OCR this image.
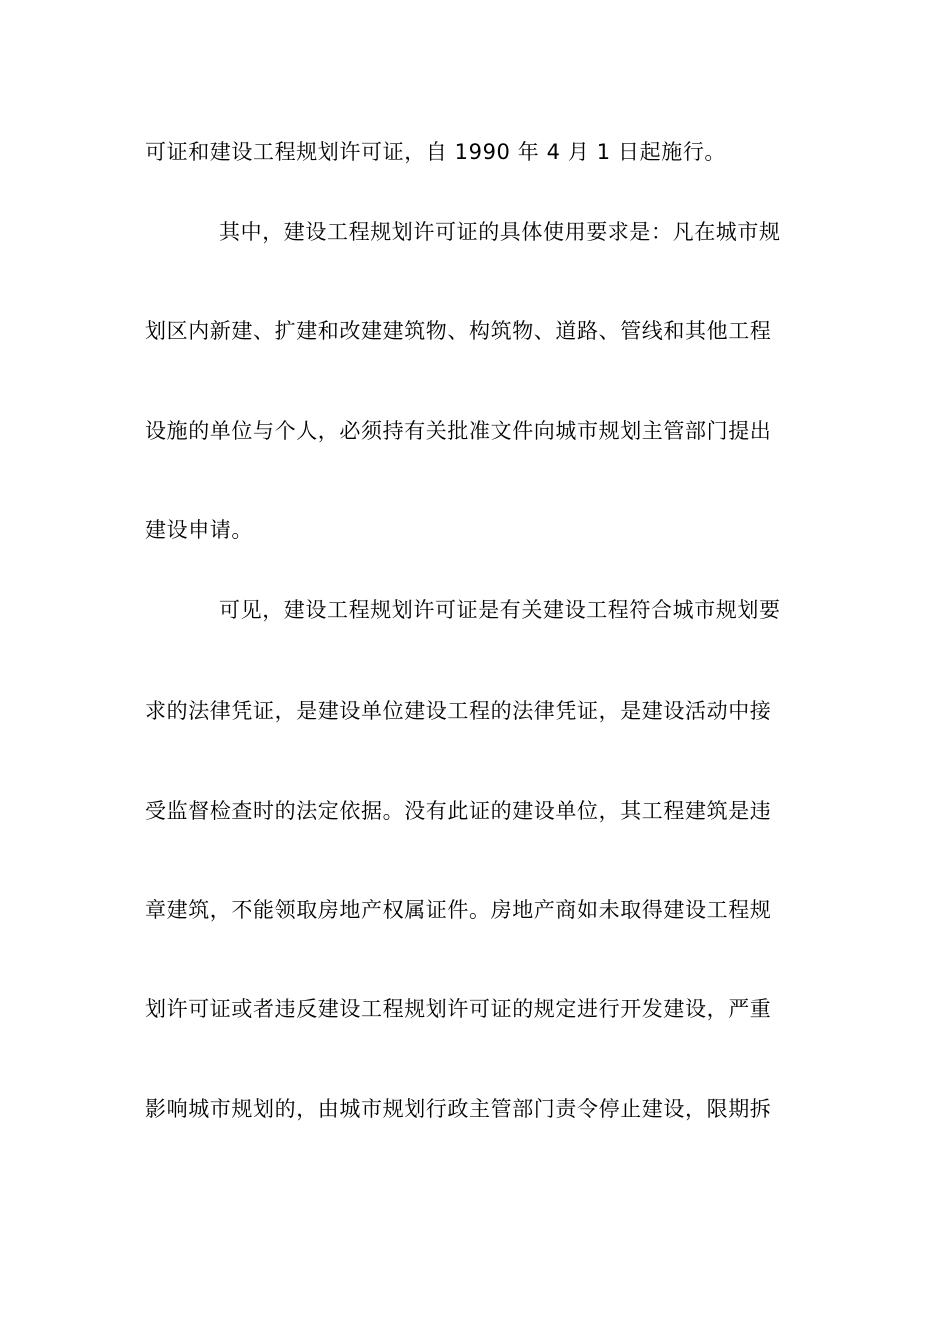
可证和建设工程规划许可证，自 1990 年 4 月 1 日起施行。
其中，建设工程规划许可证的具体使用要求是：凡在城市规
划区内新建、扩建和改建建筑物、构筑物、道路、管线和其他工程
设施的单位与个人，必须持有关批准文件向城市规划主管部门提出
建设申请。
可见，建设工程规划许可证是有关建设工程符合城市规划要
求的法律凭证，是建设单位建设工程的法律凭证，是建设活动中接
受监督检查时的法定依据。没有此证的建设单位，其工程建筑是违
章建筑，不能领取房地产权属证件。房地产商如未取得建设工程规
划许可证或者违反建设工程规划许可证的规定进行开发建设，严重
影响城市规划的，由城市规划行政主管部门责令停止建设，限期拆
